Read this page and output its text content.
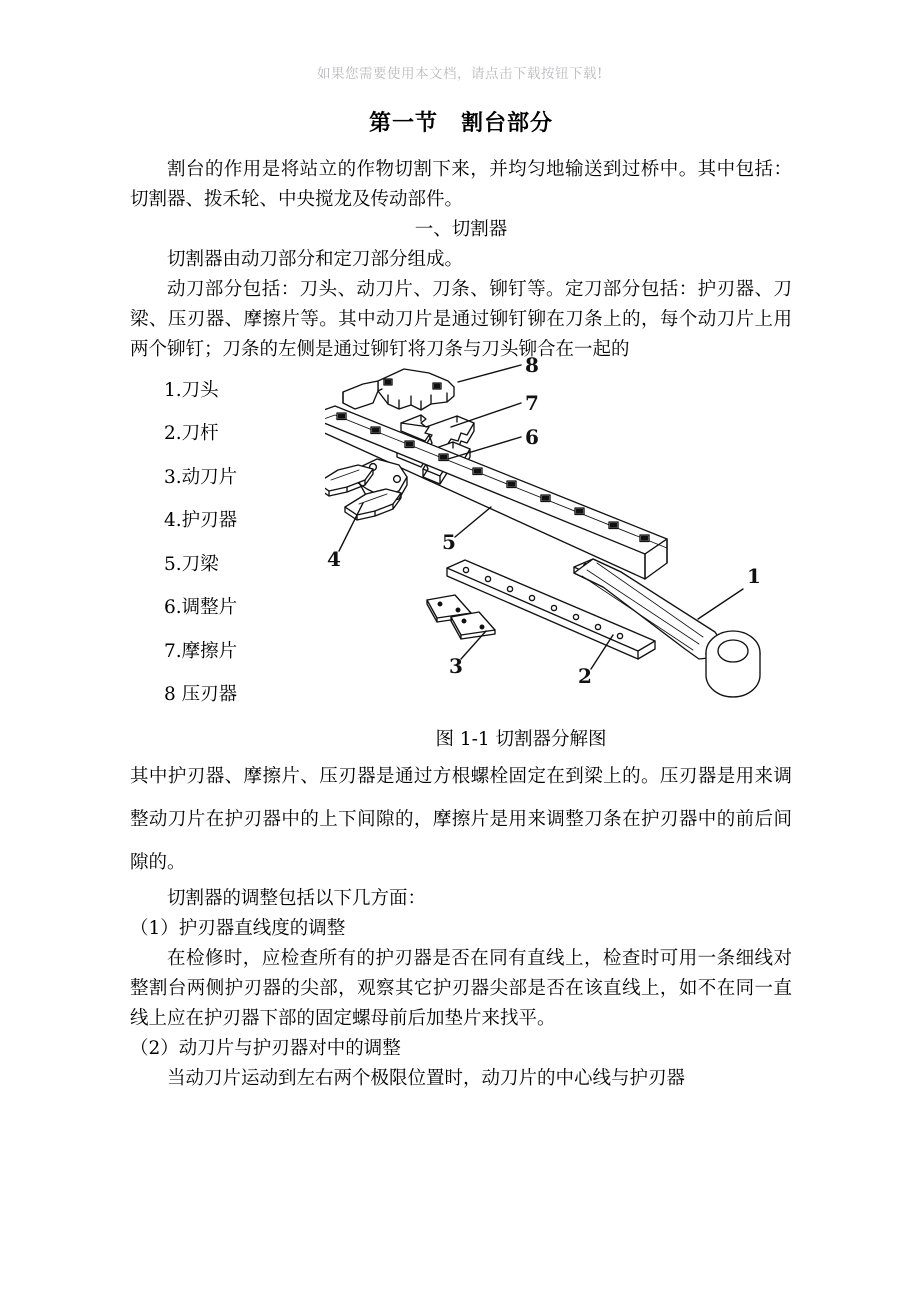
如果您需要使用本文档，请点击下载按钮下载!
第一节　割台部分

割台的作用是将站立的作物切割下来，并均匀地输送到过桥中。其中包括：切割器、拨禾轮、中央搅龙及传动部件。

一、切割器

切割器由动刀部分和定刀部分组成。

动刀部分包括：刀头、动刀片、刀条、铆钉等。定刀部分包括：护刃器、刀梁、压刃器、摩擦片等。其中动刀片是通过铆钉铆在刀条上的，每个动刀片上用两个铆钉；刀条的左侧是通过铆钉将刀条与刀头铆合在一起的

1.刀头
2.刀杆
3.动刀片
4.护刃器
5.刀梁
6.调整片
7.摩擦片
8 压刃器
8
7
6
5
4
3	2
1

图 1-1 切割器分解图

其中护刃器、摩擦片、压刃器是通过方根螺栓固定在到梁上的。压刃器是用来调整动刀片在护刃器中的上下间隙的，摩擦片是用来调整刀条在护刃器中的前后间隙的。

切割器的调整包括以下几方面：

（1）护刃器直线度的调整

在检修时，应检查所有的护刃器是否在同有直线上，检查时可用一条细线对整割台两侧护刃器的尖部，观察其它护刃器尖部是否在该直线上，如不在同一直线上应在护刃器下部的固定螺母前后加垫片来找平。

（2）动刀片与护刃器对中的调整

当动刀片运动到左右两个极限位置时，动刀片的中心线与护刃器
